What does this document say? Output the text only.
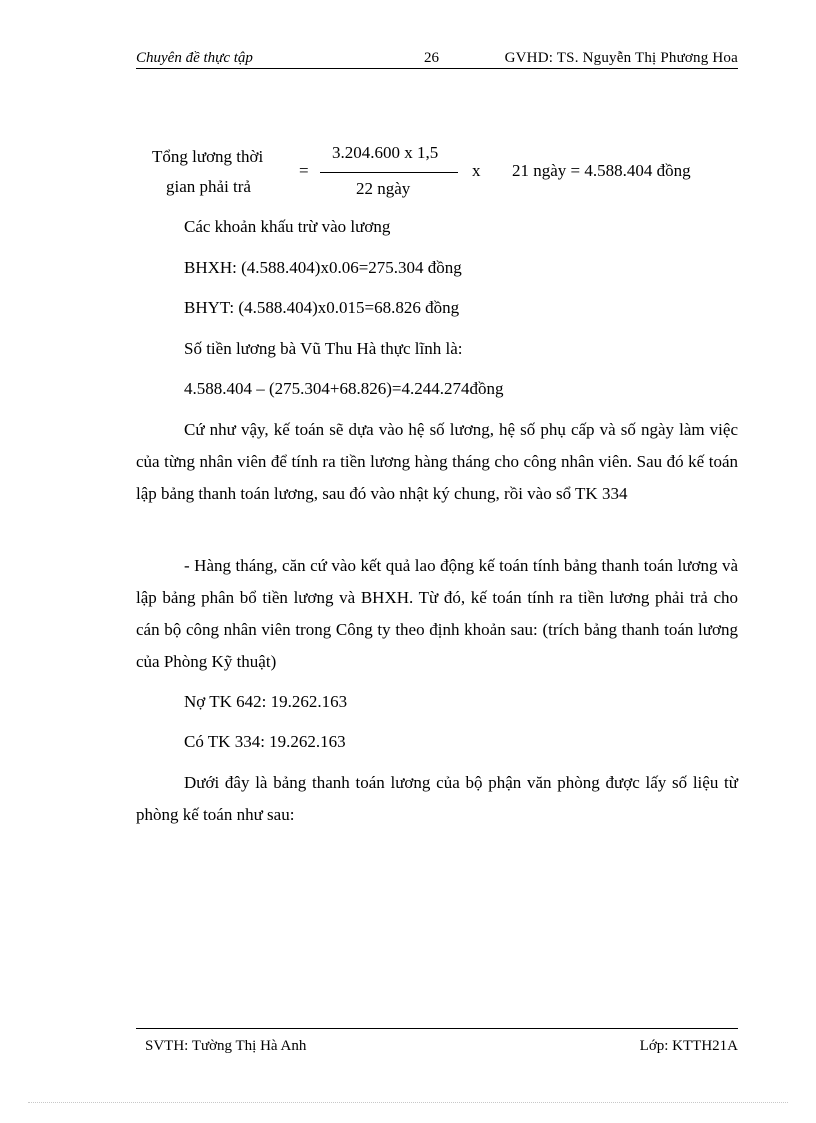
Chuyên đề thực tập	26	GVHD: TS. Nguyễn Thị Phương Hoa
Tổng lương thời
gian phải trả
=
3.204.600 x 1,5
22 ngày
x 21 ngày = 4.588.404 đồng
Các khoản khấu trừ vào lương
BHXH: (4.588.404)x0.06=275.304 đồng
BHYT: (4.588.404)x0.015=68.826 đồng
Số tiền lương bà Vũ Thu Hà thực lĩnh là:
4.588.404 – (275.304+68.826)=4.244.274đồng
Cứ như vậy, kế toán sẽ dựa vào hệ số lương, hệ số phụ cấp và số ngày làm việc của từng nhân viên để tính ra tiền lương hàng tháng cho công nhân viên. Sau đó kế toán lập bảng thanh toán lương, sau đó vào nhật ký chung, rồi vào sổ TK 334
- Hàng tháng, căn cứ vào kết quả lao động kế toán tính bảng thanh toán lương và lập bảng phân bổ tiền lương và BHXH. Từ đó, kế toán tính ra tiền lương phải trả cho cán bộ công nhân viên trong Công ty theo định khoản sau: (trích bảng thanh toán lương của Phòng Kỹ thuật)
Nợ TK 642: 19.262.163
Có TK 334: 19.262.163
Dưới đây là bảng thanh toán lương của bộ phận văn phòng được lấy số liệu từ phòng kế toán như sau:
SVTH: Tường Thị Hà Anh	Lớp: KTTH21A
